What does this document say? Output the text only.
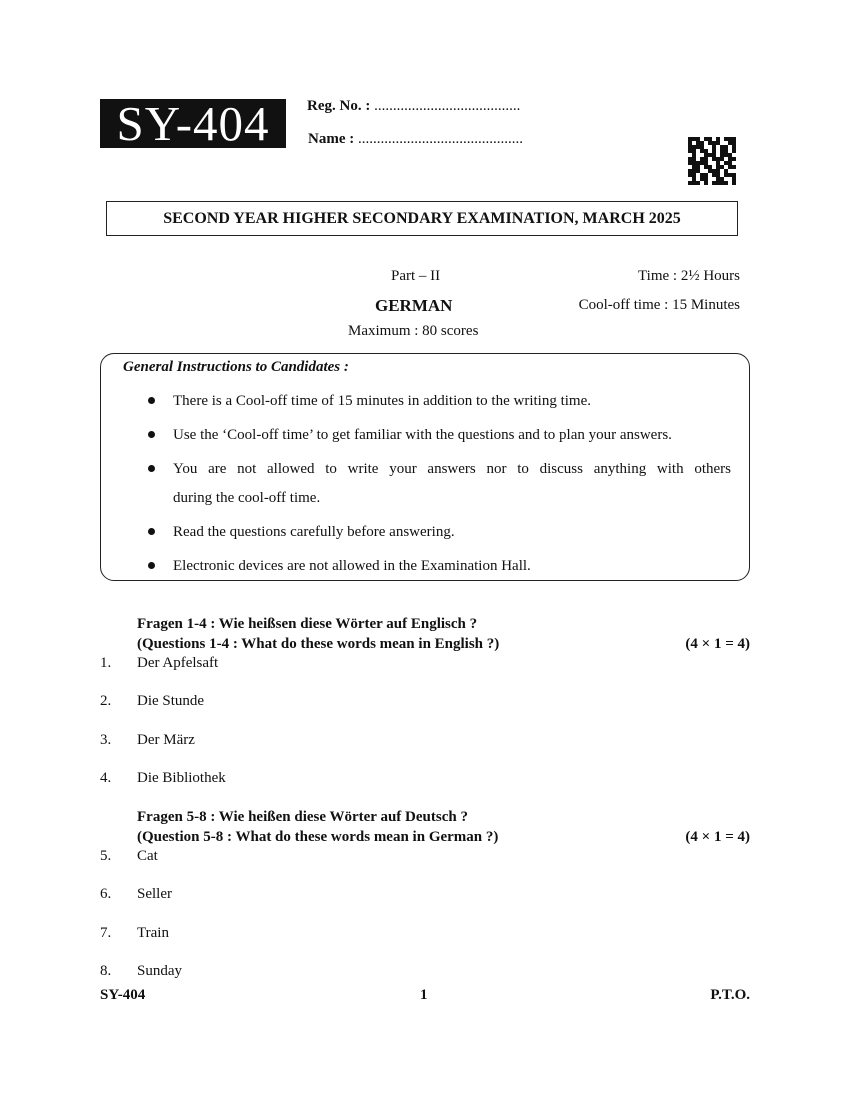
SY-404	Reg. No. : .......................................
Name : ............................................
SECOND YEAR HIGHER SECONDARY EXAMINATION, MARCH 2025
Part – II
GERMAN
Maximum : 80 scores
Time : 2½ Hours
Cool-off time : 15 Minutes
General Instructions to Candidates :
There is a Cool-off time of 15 minutes in addition to the writing time.
Use the ‘Cool-off time’ to get familiar with the questions and to plan your answers.
You are not allowed to write your answers nor to discuss anything with others
during the cool-off time.
Read the questions carefully before answering.
Electronic devices are not allowed in the Examination Hall.
Fragen 1-4 : Wie heißsen diese Wörter auf Englisch ?
(Questions 1-4 : What do these words mean in English ?)	(4 × 1 = 4)
1. Der Apfelsaft
2. Die Stunde
3. Der März
4. Die Bibliothek
Fragen 5-8 : Wie heißen diese Wörter auf Deutsch ?
(Question 5-8 : What do these words mean in German ?)	(4 × 1 = 4)
5. Cat
6. Seller
7. Train
8. Sunday
SY-404	1	P.T.O.
